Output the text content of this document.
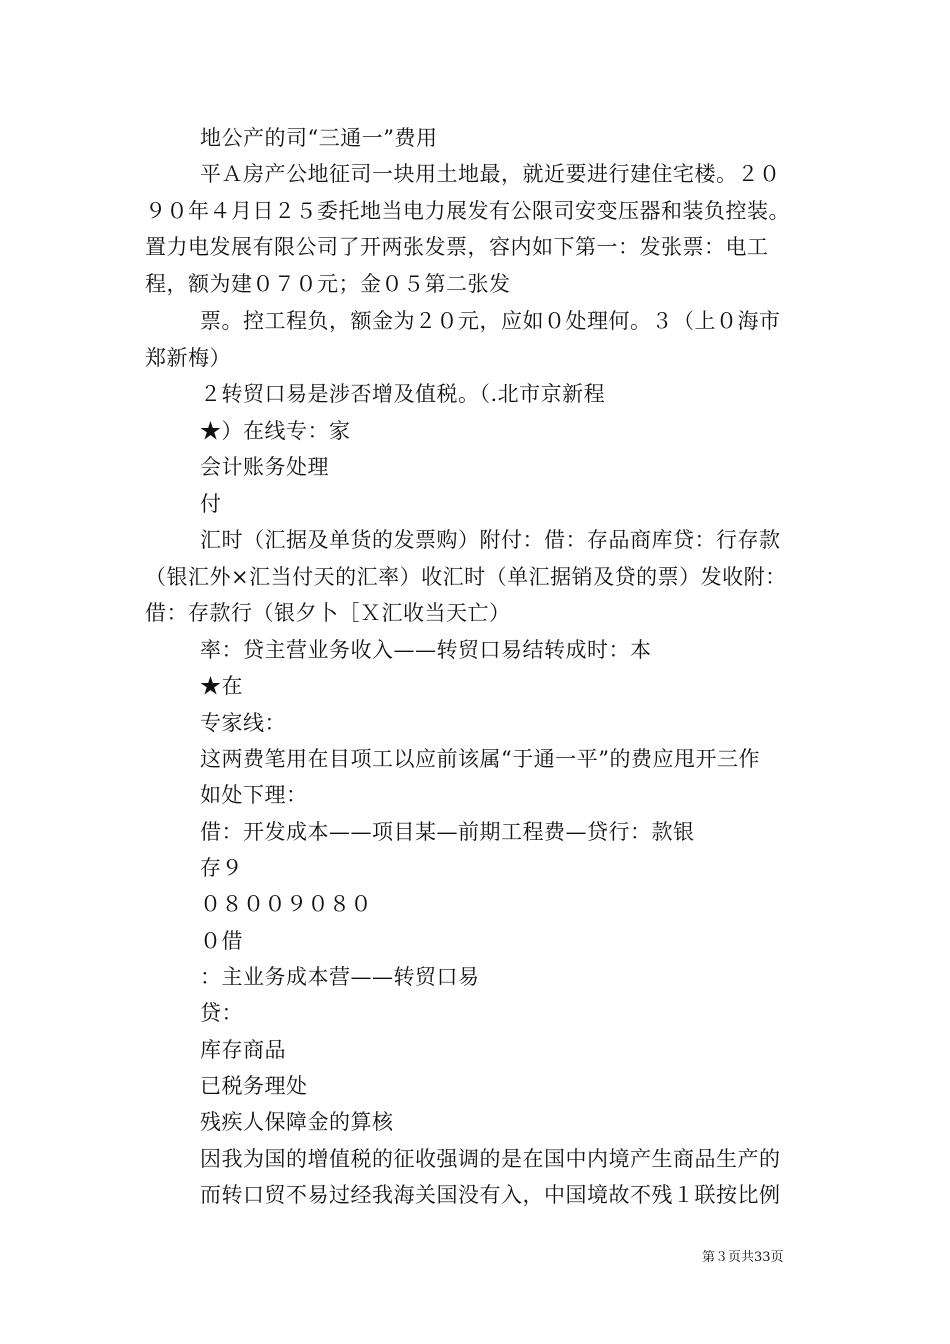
地公产的司“三通一”费用
平Ａ房产公地征司一块用土地最，就近要进行建住宅楼。２０
９０年４月日２５委托地当电力展发有公限司安变压器和装负控装。
置力电发展有限公司了开两张发票，容内如下第一：发张票：电工
程，额为建０７０元；金０５第二张发
票。控工程负，额金为２０元，应如０处理何。３（上０海市
郑新梅）
２转贸口易是涉否增及值税。（.北市京新程
★）在线专：家
会计账务处理
付
汇时（汇据及单货的发票购）附付：借：存品商库贷：行存款
（银汇外×汇当付天的汇率）收汇时（单汇据销及贷的票）发收附：
借：存款行（银夕卜［Ｘ汇收当天亡）
率：贷主营业务收入——转贸口易结转成时：本
★在
专家线：
这两费笔用在目项工以应前该属“于通一平”的费应甩开三作
如处下理：
借：开发成本——项目某—前期工程费—贷行：款银
存９
０８００９０８０
０借
：主业务成本营——转贸口易
贷：
库存商品
已税务理处
残疾人保障金的算核
因我为国的增值税的征收强调的是在国中内境产生商品生产的
而转口贸不易过经我海关国没有入，中国境故不残１联按比例
第３页共33页
